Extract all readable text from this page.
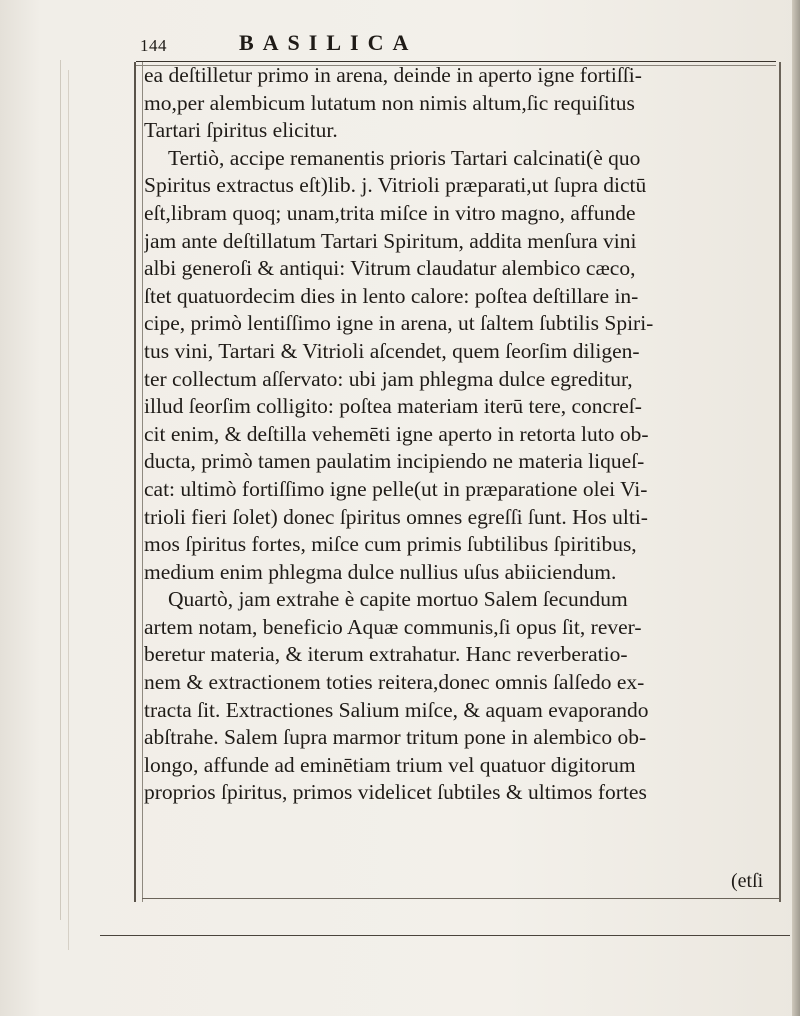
144	BASILICA
ea deſtilletur primo in arena, deinde in aperto igne fortiſſi-
mo,per alembicum lutatum non nimis altum,ſic requiſitus
Tartari ſpiritus elicitur.
Tertiò, accipe remanentis prioris Tartari calcinati(è quo
Spiritus extractus eſt)lib. j. Vitrioli præparati,ut ſupra dictū
eſt,libram quoq; unam,trita miſce in vitro magno, affunde
jam ante deſtillatum Tartari Spiritum, addita menſura vini
albi generoſi & antiqui: Vitrum claudatur alembico cæco,
ſtet quatuordecim dies in lento calore: poſtea deſtillare in-
cipe, primò lentiſſimo igne in arena, ut ſaltem ſubtilis Spiri-
tus vini, Tartari & Vitrioli aſcendet, quem ſeorſim diligen-
ter collectum aſſervato: ubi jam phlegma dulce egreditur,
illud ſeorſim colligito: poſtea materiam iterū tere, concreſ-
cit enim, & deſtilla vehemēti igne aperto in retorta luto ob-
ducta, primò tamen paulatim incipiendo ne materia liqueſ-
cat: ultimò fortiſſimo igne pelle(ut in præparatione olei Vi-
trioli fieri ſolet) donec ſpiritus omnes egreſſi ſunt. Hos ulti-
mos ſpiritus fortes, miſce cum primis ſubtilibus ſpiritibus,
medium enim phlegma dulce nullius uſus abiiciendum.
Quartò, jam extrahe è capite mortuo Salem ſecundum
artem notam, beneficio Aquæ communis,ſi opus ſit, rever-
beretur materia, & iterum extrahatur. Hanc reverberatio-
nem & extractionem toties reitera,donec omnis ſalſedo ex-
tracta ſit. Extractiones Salium miſce, & aquam evaporando
abſtrahe. Salem ſupra marmor tritum pone in alembico ob-
longo, affunde ad eminētiam trium vel quatuor digitorum
proprios ſpiritus, primos videlicet ſubtiles & ultimos fortes
(etſi
